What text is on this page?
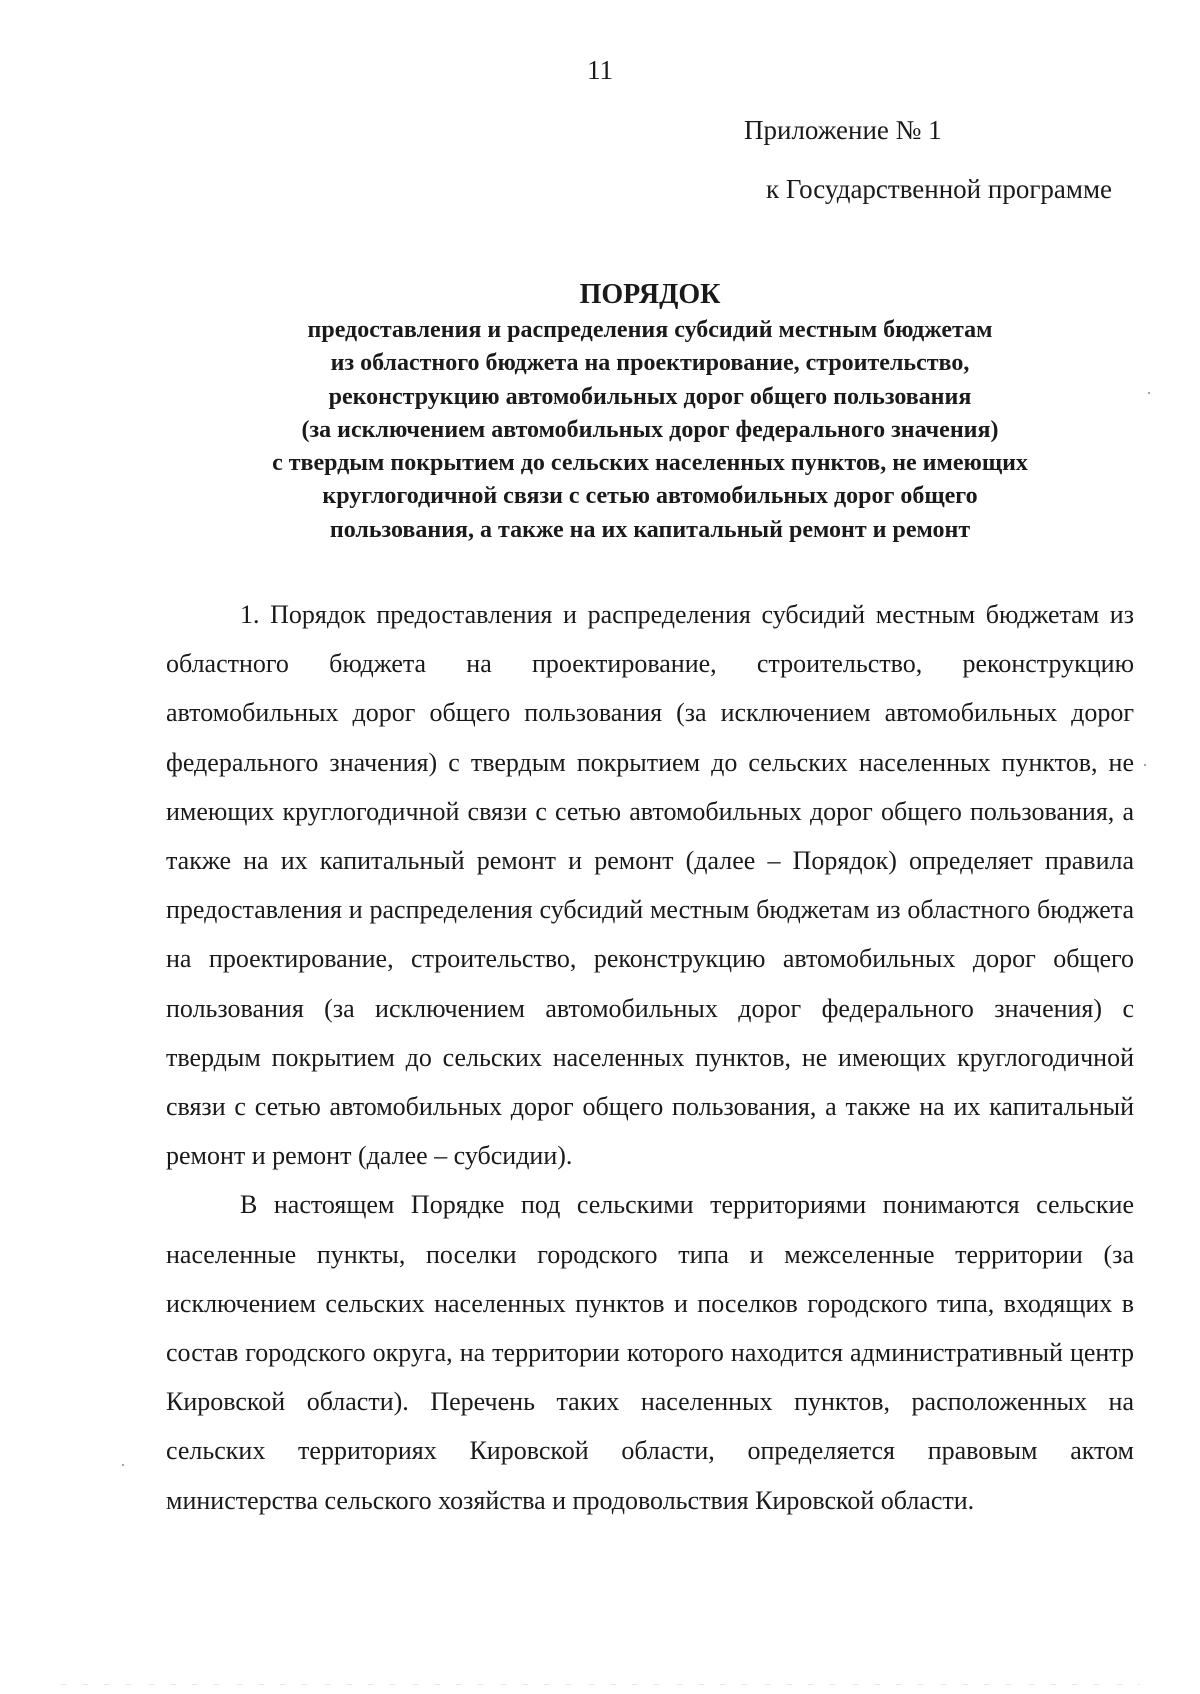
11
Приложение № 1
к Государственной программе
ПОРЯДОК
предоставления и распределения субсидий местным бюджетам
из областного бюджета на проектирование, строительство,
реконструкцию автомобильных дорог общего пользования
(за исключением автомобильных дорог федерального значения)
с твердым покрытием до сельских населенных пунктов, не имеющих
круглогодичной связи с сетью автомобильных дорог общего
пользования, а также на их капитальный ремонт и ремонт

1. Порядок предоставления и распределения субсидий местным бюджетам из областного бюджета на проектирование, строительство, реконструкцию автомобильных дорог общего пользования (за исключением автомобильных дорог федерального значения) с твердым покрытием до сельских населенных пунктов, не имеющих круглогодичной связи с сетью автомобильных дорог общего пользования, а также на их капитальный ремонт и ремонт (далее – Порядок) определяет правила предоставления и распределения субсидий местным бюджетам из областного бюджета на проектирование, строительство, реконструкцию автомобильных дорог общего пользования (за исключением автомобильных дорог федерального значения) с твердым покрытием до сельских населенных пунктов, не имеющих круглогодичной связи с сетью автомобильных дорог общего пользования, а также на их капитальный ремонт и ремонт (далее – субсидии).

В настоящем Порядке под сельскими территориями понимаются сельские населенные пункты, поселки городского типа и межселенные территории (за исключением сельских населенных пунктов и поселков городского типа, входящих в состав городского округа, на территории которого находится административный центр Кировской области). Перечень таких населенных пунктов, расположенных на сельских территориях Кировской области, определяется правовым актом министерства сельского хозяйства и продовольствия Кировской области.
